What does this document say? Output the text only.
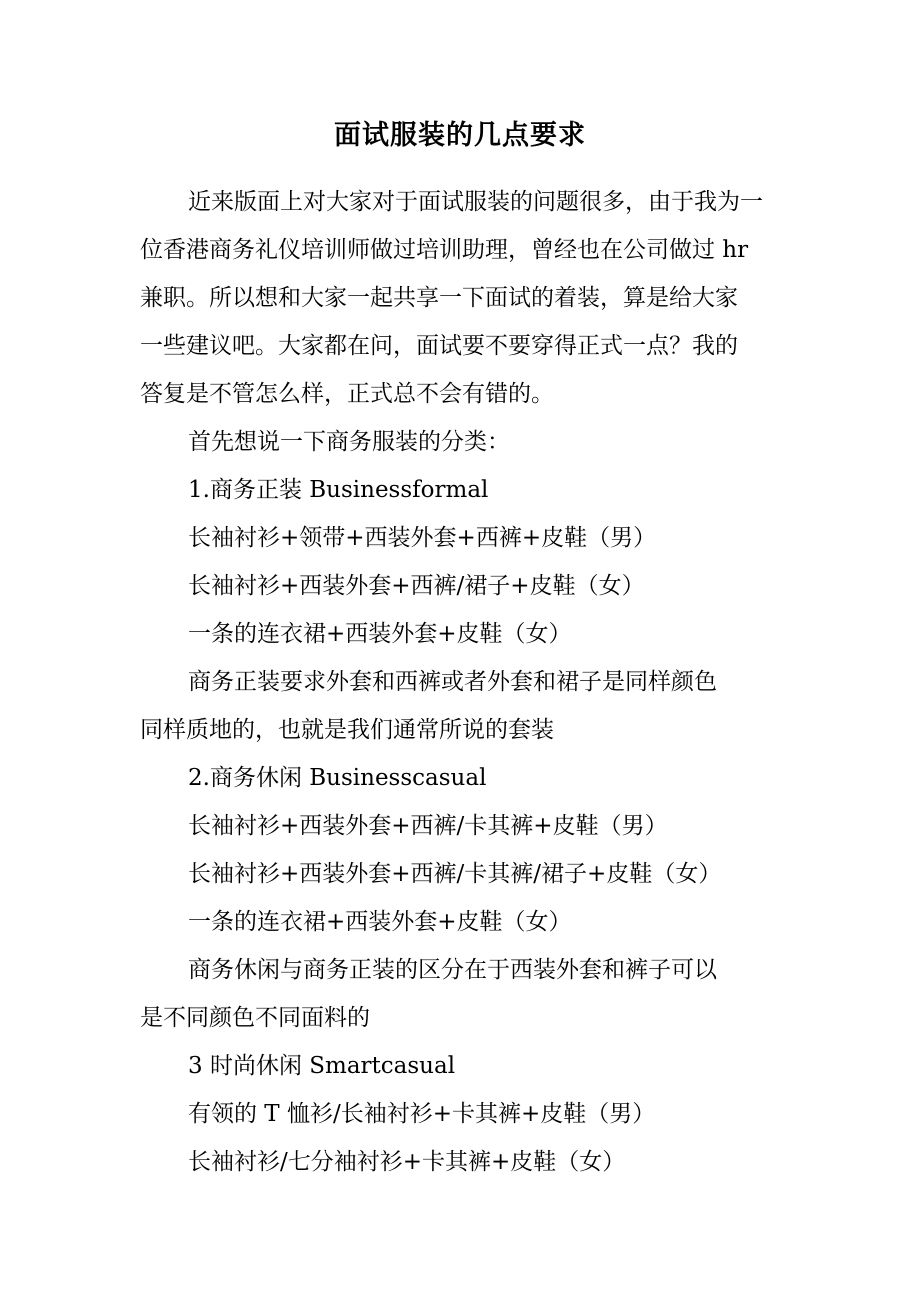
面试服装的几点要求

近来版面上对大家对于面试服装的问题很多，由于我为一

位香港商务礼仪培训师做过培训助理，曾经也在公司做过 hr

兼职。所以想和大家一起共享一下面试的着装，算是给大家

一些建议吧。大家都在问，面试要不要穿得正式一点？我的

答复是不管怎么样，正式总不会有错的。

首先想说一下商务服装的分类：

1.商务正装 Businessformal

长袖衬衫+领带+西装外套+西裤+皮鞋（男）

长袖衬衫+西装外套+西裤/裙子+皮鞋（女）

一条的连衣裙+西装外套+皮鞋（女）

商务正装要求外套和西裤或者外套和裙子是同样颜色

同样质地的，也就是我们通常所说的套装

2.商务休闲 Businesscasual

长袖衬衫+西装外套+西裤/卡其裤+皮鞋（男）

长袖衬衫+西装外套+西裤/卡其裤/裙子+皮鞋（女）

一条的连衣裙+西装外套+皮鞋（女）

商务休闲与商务正装的区分在于西装外套和裤子可以

是不同颜色不同面料的

3 时尚休闲 Smartcasual

有领的 T 恤衫/长袖衬衫+卡其裤+皮鞋（男）

长袖衬衫/七分袖衬衫+卡其裤+皮鞋（女）
